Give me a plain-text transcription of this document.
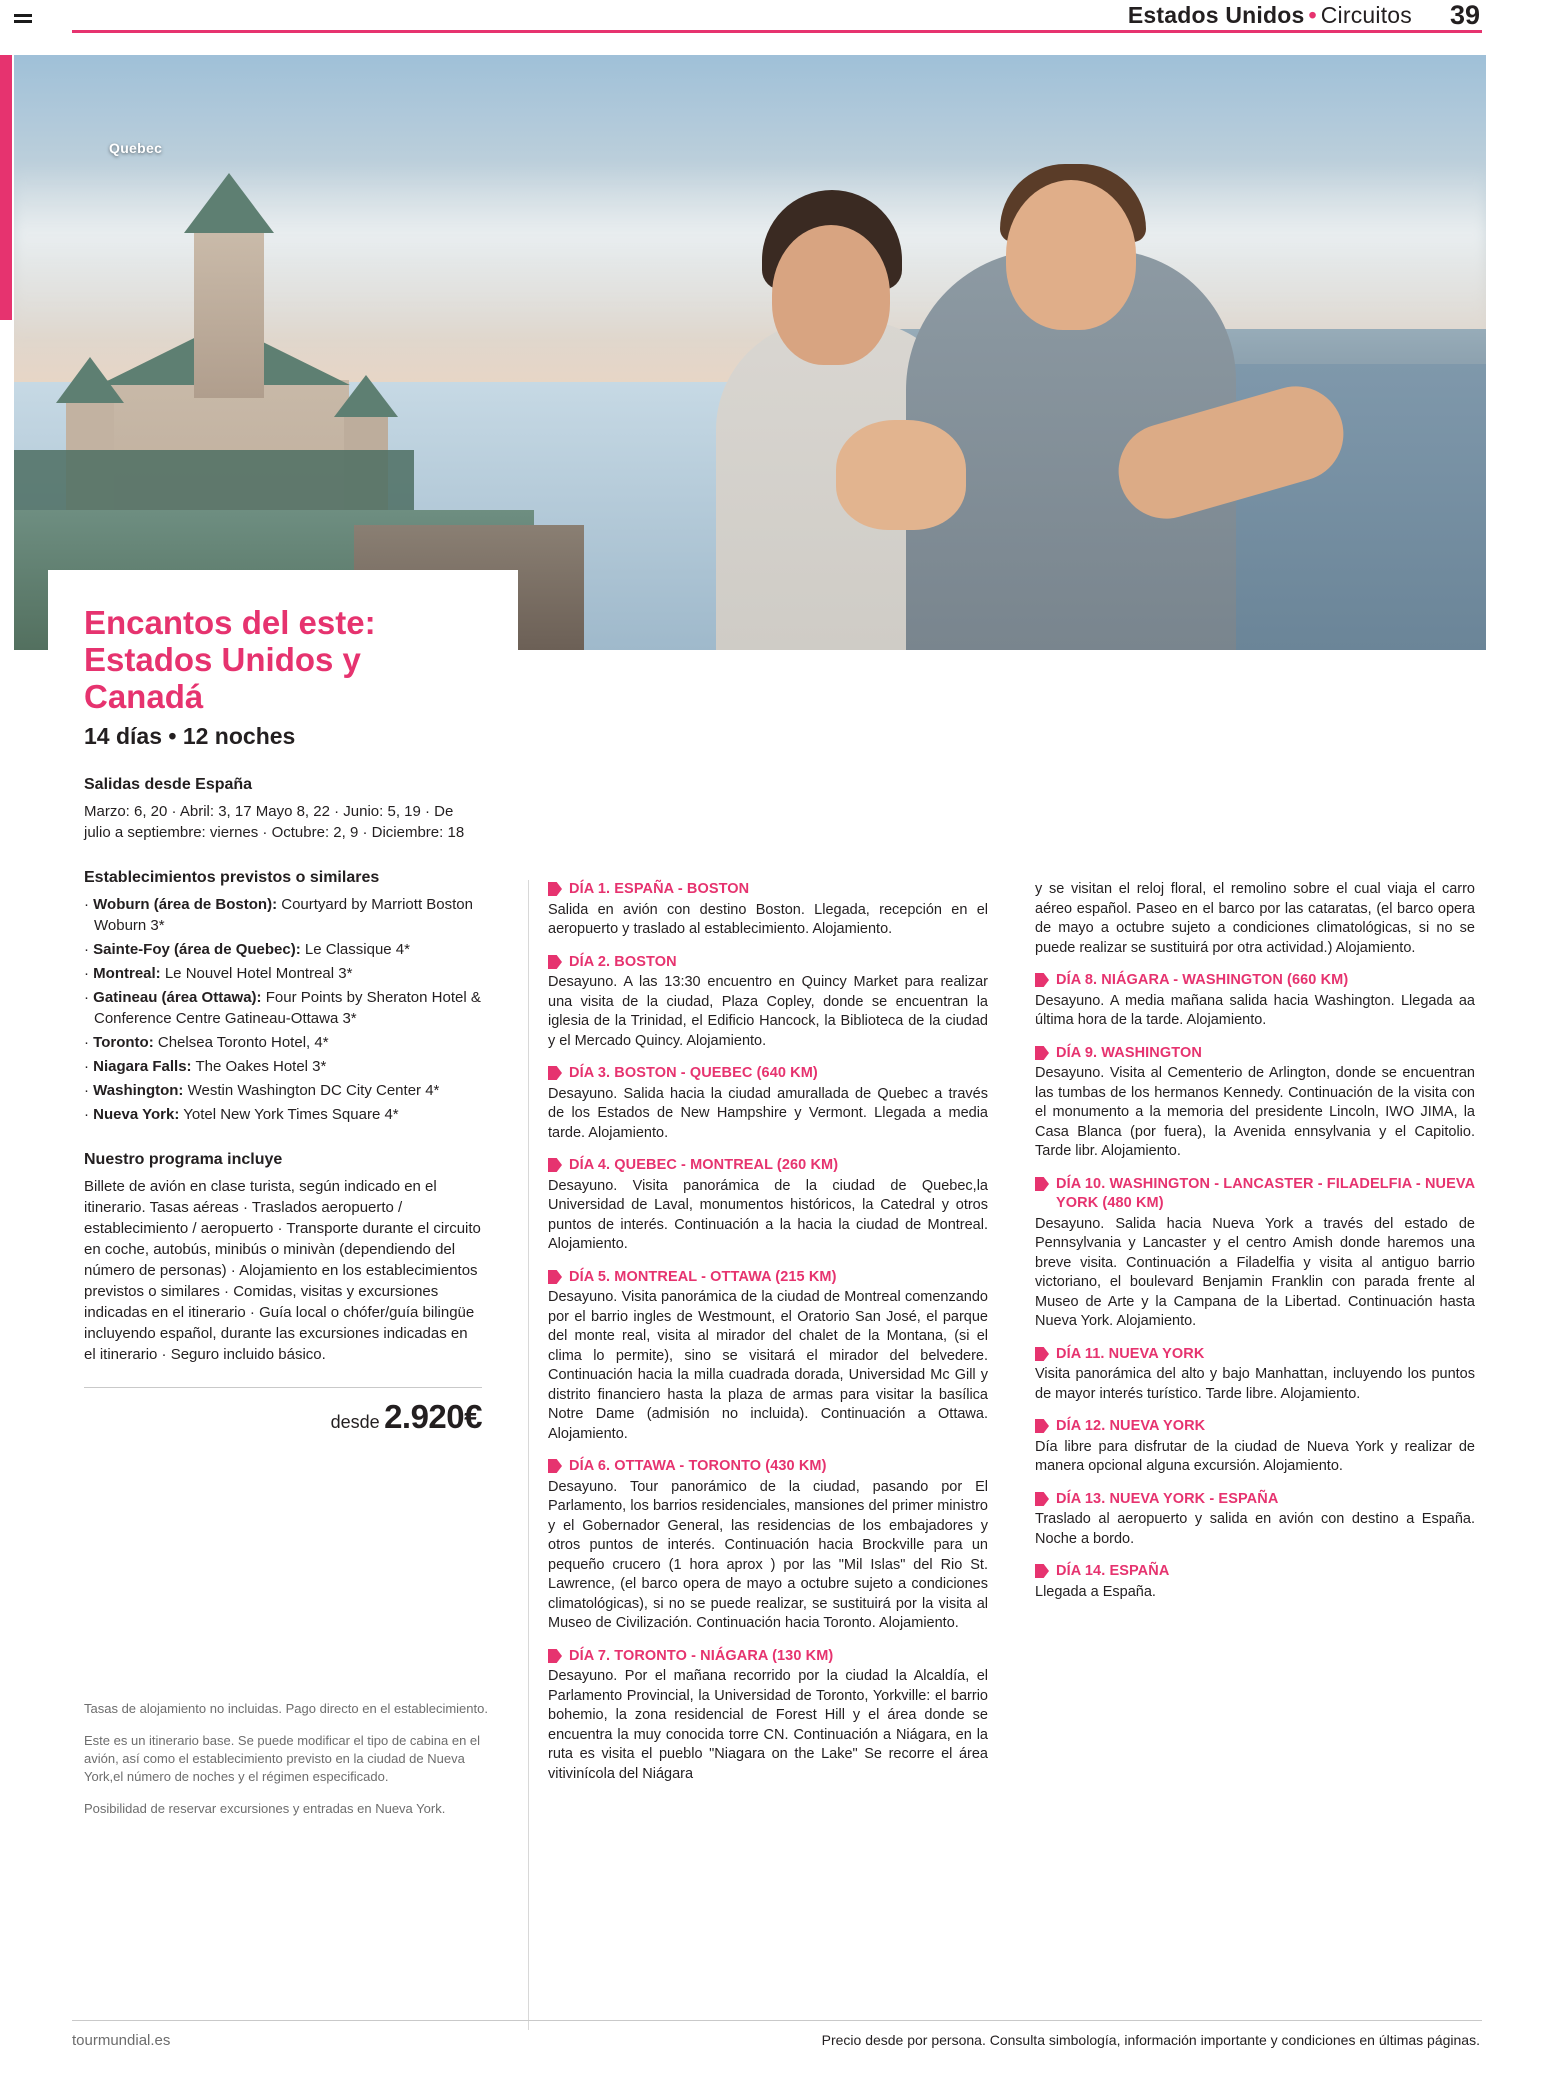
Estados Unidos • Circuitos 39
Quebec
Encantos del este: Estados Unidos y Canadá
14 días • 12 noches
Salidas desde España
Marzo: 6, 20 · Abril: 3, 17 Mayo 8, 22 · Junio: 5, 19 · De julio a septiembre: viernes · Octubre: 2, 9 · Diciembre: 18
Establecimientos previstos o similares
· Woburn (área de Boston): Courtyard by Marriott Boston Woburn 3*
· Sainte-Foy (área de Quebec): Le Classique 4*
· Montreal: Le Nouvel Hotel Montreal 3*
· Gatineau (área Ottawa): Four Points by Sheraton Hotel & Conference Centre Gatineau-Ottawa 3*
· Toronto: Chelsea Toronto Hotel, 4*
· Niagara Falls: The Oakes Hotel 3*
· Washington: Westin Washington DC City Center 4*
· Nueva York: Yotel New York Times Square 4*
Nuestro programa incluye
Billete de avión en clase turista, según indicado en el itinerario. Tasas aéreas · Traslados aeropuerto / establecimiento / aeropuerto · Transporte durante el circuito en coche, autobús, minibús o minivàn (dependiendo del número de personas) · Alojamiento en los establecimientos previstos o similares · Comidas, visitas y excursiones indicadas en el itinerario · Guía local o chófer/guía bilingüe incluyendo español, durante las excursiones indicadas en el itinerario · Seguro incluido básico.
desde 2.920€

Tasas de alojamiento no incluidas. Pago directo en el establecimiento.

Este es un itinerario base. Se puede modificar el tipo de cabina en el avión, así como el establecimiento previsto en la ciudad de Nueva York,el número de noches y el régimen especificado.

Posibilidad de reservar excursiones y entradas en Nueva York.

DÍA 1. ESPAÑA - BOSTON
Salida en avión con destino Boston. Llegada, recepción en el aeropuerto y traslado al establecimiento. Alojamiento.
DÍA 2. BOSTON
Desayuno. A las 13:30 encuentro en Quincy Market para realizar una visita de la ciudad, Plaza Copley, donde se encuentran la iglesia de la Trinidad, el Edificio Hancock, la Biblioteca de la ciudad y el Mercado Quincy. Alojamiento.
DÍA 3. BOSTON - QUEBEC (640 KM)
Desayuno. Salida hacia la ciudad amurallada de Quebec a través de los Estados de New Hampshire y Vermont. Llegada a media tarde. Alojamiento.
DÍA 4. QUEBEC - MONTREAL (260 KM)
Desayuno. Visita panorámica de la ciudad de Quebec,la Universidad de Laval, monumentos históricos, la Catedral y otros puntos de interés. Continuación a la hacia la ciudad de Montreal. Alojamiento.
DÍA 5. MONTREAL - OTTAWA (215 KM)
Desayuno. Visita panorámica de la ciudad de Montreal comenzando por el barrio ingles de Westmount, el Oratorio San José, el parque del monte real, visita al mirador del chalet de la Montana, (si el clima lo permite), sino se visitará el mirador del belvedere. Continuación hacia la milla cuadrada dorada, Universidad Mc Gill y distrito financiero hasta la plaza de armas para visitar la basílica Notre Dame (admisión no incluida). Continuación a Ottawa. Alojamiento.
DÍA 6. OTTAWA - TORONTO (430 KM)
Desayuno. Tour panorámico de la ciudad, pasando por El Parlamento, los barrios residenciales, mansiones del primer ministro y el Gobernador General, las residencias de los embajadores y otros puntos de interés. Continuación hacia Brockville para un pequeño crucero (1 hora aprox ) por las "Mil Islas" del Rio St. Lawrence, (el barco opera de mayo a octubre sujeto a condiciones climatológicas), si no se puede realizar, se sustituirá por la visita al Museo de Civilización. Continuación hacia Toronto. Alojamiento.
DÍA 7. TORONTO - NIÁGARA (130 KM)
Desayuno. Por el mañana recorrido por la ciudad la Alcaldía, el Parlamento Provincial, la Universidad de Toronto, Yorkville: el barrio bohemio, la zona residencial de Forest Hill y el área donde se encuentra la muy conocida torre CN. Continuación a Niágara, en la ruta es visita el pueblo "Niagara on the Lake" Se recorre el área vitivinícola del Niágara
y se visitan el reloj floral, el remolino sobre el cual viaja el carro aéreo español. Paseo en el barco por las cataratas, (el barco opera de mayo a octubre sujeto a condiciones climatológicas, si no se puede realizar se sustituirá por otra actividad.) Alojamiento.
DÍA 8. NIÁGARA - WASHINGTON (660 KM)
Desayuno. A media mañana salida hacia Washington. Llegada aa última hora de la tarde. Alojamiento.
DÍA 9. WASHINGTON
Desayuno. Visita al Cementerio de Arlington, donde se encuentran las tumbas de los hermanos Kennedy. Continuación de la visita con el monumento a la memoria del presidente Lincoln, IWO JIMA, la Casa Blanca (por fuera), la Avenida ennsylvania y el Capitolio. Tarde libr. Alojamiento.
DÍA 10. WASHINGTON - LANCASTER - FILADELFIA - NUEVA YORK (480 KM)
Desayuno. Salida hacia Nueva York a través del estado de Pennsylvania y Lancaster y el centro Amish donde haremos una breve visita. Continuación a Filadelfia y visita al antiguo barrio victoriano, el boulevard Benjamin Franklin con parada frente al Museo de Arte y la Campana de la Libertad. Continuación hasta Nueva York. Alojamiento.
DÍA 11. NUEVA YORK
Visita panorámica del alto y bajo Manhattan, incluyendo los puntos de mayor interés turístico. Tarde libre. Alojamiento.
DÍA 12. NUEVA YORK
Día libre para disfrutar de la ciudad de Nueva York y realizar de manera opcional alguna excursión. Alojamiento.
DÍA 13. NUEVA YORK - ESPAÑA
Traslado al aeropuerto y salida en avión con destino a España. Noche a bordo.
DÍA 14. ESPAÑA
Llegada a España.
tourmundial.es	Precio desde por persona. Consulta simbología, información importante y condiciones en últimas páginas.
